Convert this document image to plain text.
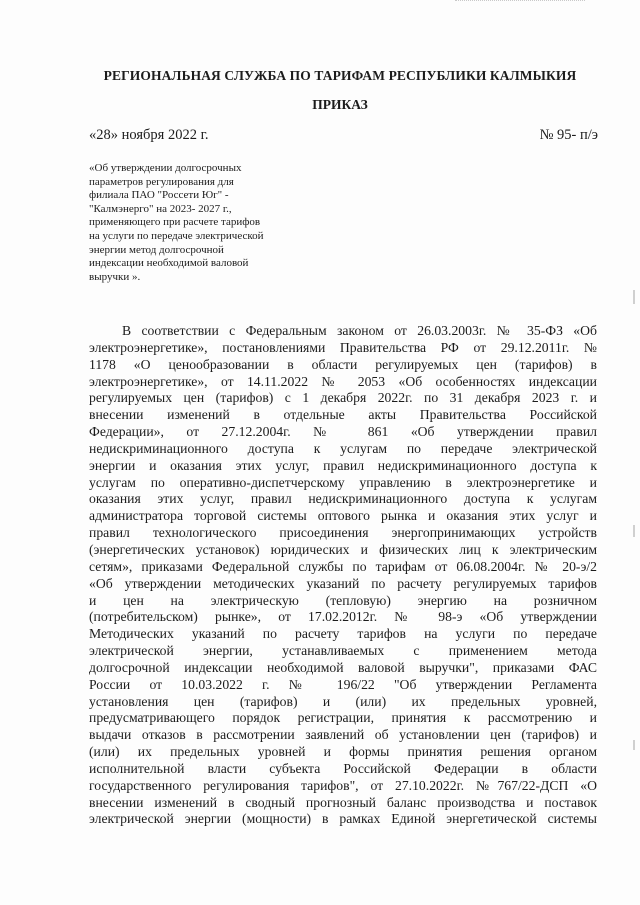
РЕГИОНАЛЬНАЯ СЛУЖБА ПО ТАРИФАМ РЕСПУБЛИКИ КАЛМЫКИЯ
ПРИКАЗ
«28» ноября 2022 г.	№ 95- п/э
«Об утверждении долгосрочных
параметров регулирования для
филиала ПАО "Россети Юг" -
"Калмэнерго" на 2023- 2027 г.,
применяющего при расчете тарифов
на услуги по передаче электрической
энергии метод долгосрочной
индексации необходимой валовой
выручки ».
В соответствии с Федеральным законом от 26.03.2003г. № 35-ФЗ «Об
электроэнергетике», постановлениями Правительства РФ от 29.12.2011г. №
1178 «О ценообразовании в области регулируемых цен (тарифов) в
электроэнергетике», от 14.11.2022 № 2053 «Об особенностях индексации
регулируемых цен (тарифов) с 1 декабря 2022г. по 31 декабря 2023 г. и
внесении изменений в отдельные акты Правительства Российской
Федерации», от 27.12.2004г. № 861 «Об утверждении правил
недискриминационного доступа к услугам по передаче электрической
энергии и оказания этих услуг, правил недискриминационного доступа к
услугам по оперативно-диспетчерскому управлению в электроэнергетике и
оказания этих услуг, правил недискриминационного доступа к услугам
администратора торговой системы оптового рынка и оказания этих услуг и
правил технологического присоединения энергопринимающих устройств
(энергетических установок) юридических и физических лиц к электрическим
сетям», приказами Федеральной службы по тарифам от 06.08.2004г. № 20-э/2
«Об утверждении методических указаний по расчету регулируемых тарифов
и цен на электрическую (тепловую) энергию на розничном
(потребительском) рынке», от 17.02.2012г. № 98-э «Об утверждении
Методических указаний по расчету тарифов на услуги по передаче
электрической энергии, устанавливаемых с применением метода
долгосрочной индексации необходимой валовой выручки", приказами ФАС
России от 10.03.2022 г. № 196/22 "Об утверждении Регламента
установления цен (тарифов) и (или) их предельных уровней,
предусматривающего порядок регистрации, принятия к рассмотрению и
выдачи отказов в рассмотрении заявлений об установлении цен (тарифов) и
(или) их предельных уровней и формы принятия решения органом
исполнительной власти субъекта Российской Федерации в области
государственного регулирования тарифов", от 27.10.2022г. №767/22-ДСП «О
внесении изменений в сводный прогнозный баланс производства и поставок
электрической энергии (мощности) в рамках Единой энергетической системы
